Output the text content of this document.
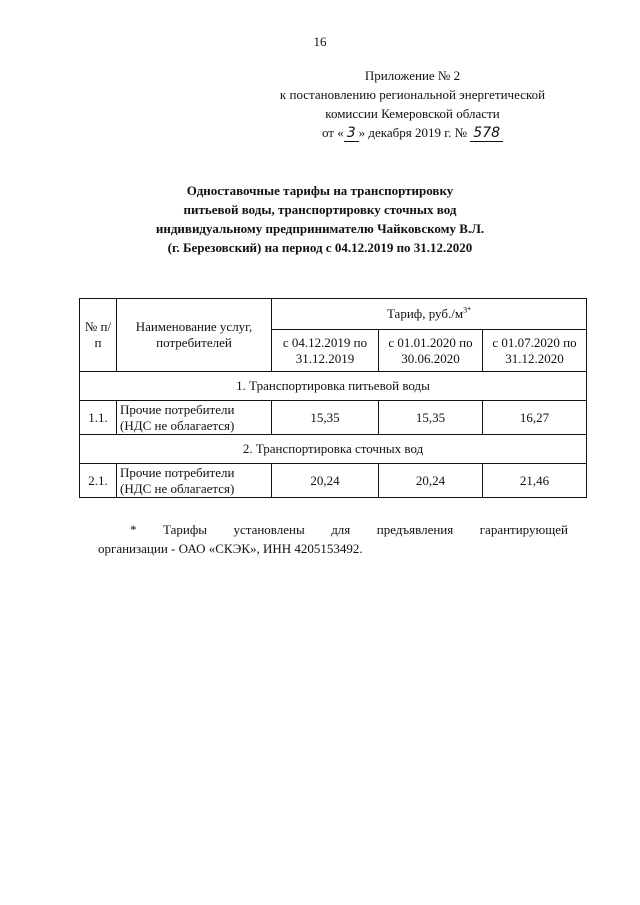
16
Приложение № 2
к постановлению региональной энергетической
комиссии Кемеровской области
от « 3 » декабря 2019 г. № 578
Одноставочные тарифы на транспортировку
питьевой воды, транспортировку сточных вод
индивидуальному предпринимателю Чайковскому В.Л.
(г. Березовский) на период с 04.12.2019 по 31.12.2020
№ п/п	Наименование услуг, потребителей	Тариф, $руб./м^{3*}$
		с 04.12.2019 по 31.12.2019	с 01.01.2020 по 30.06.2020	с 01.07.2020 по 31.12.2020
1. Транспортировка питьевой воды				
1.1.	Прочие потребители (НДС не облагается)	15,35	15,35	16,27
2. Транспортировка сточных вод				
2.1.	Прочие потребители (НДС не облагается)	20,24	20,24	21,46
* Тарифы установлены для предъявления гарантирующей
организации - ОАО «СКЭК», ИНН 4205153492.
